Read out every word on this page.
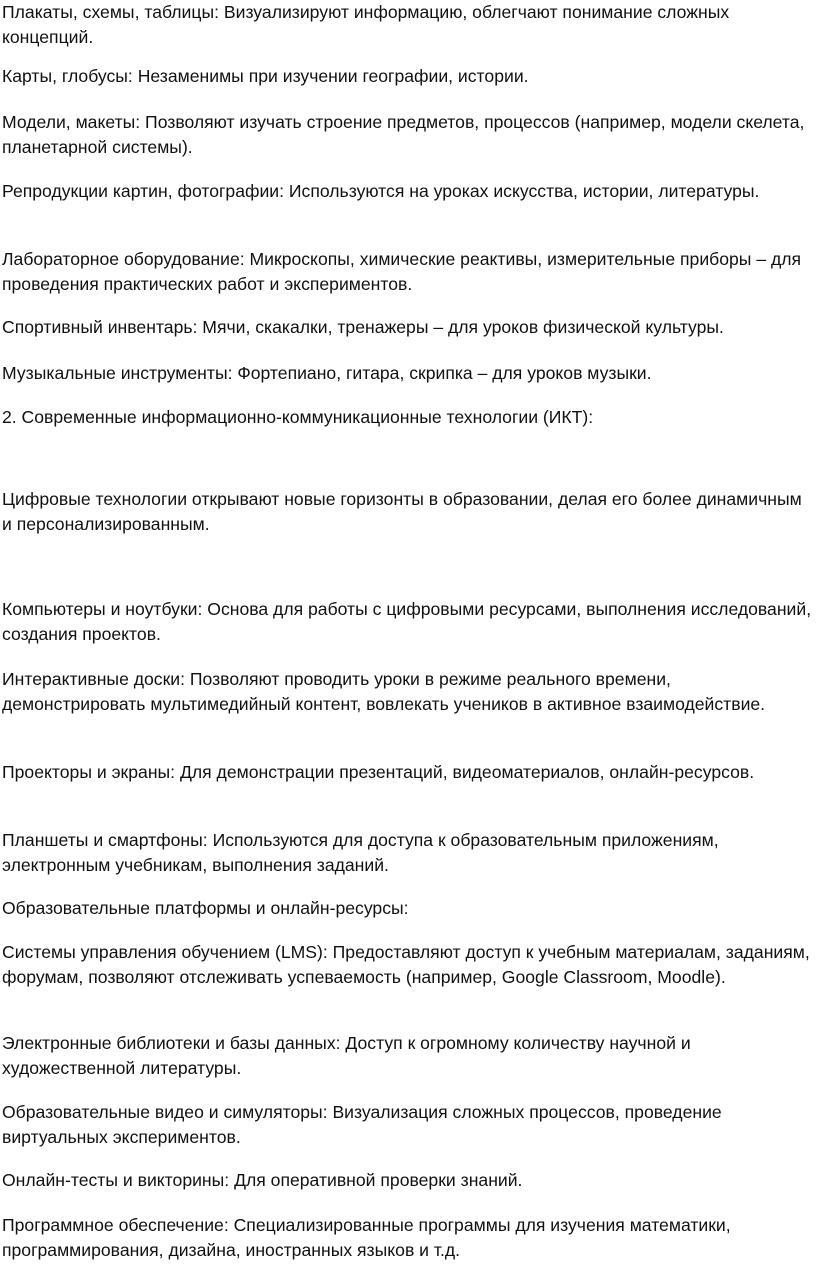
Плакаты, схемы, таблицы: Визуализируют информацию, облегчают понимание сложных концепций.

Карты, глобусы: Незаменимы при изучении географии, истории.

Модели, макеты: Позволяют изучать строение предметов, процессов (например, модели скелета, планетарной системы).

Репродукции картин, фотографии: Используются на уроках искусства, истории, литературы.

Лабораторное оборудование: Микроскопы, химические реактивы, измерительные приборы – для проведения практических работ и экспериментов.

Спортивный инвентарь: Мячи, скакалки, тренажеры – для уроков физической культуры.

Музыкальные инструменты: Фортепиано, гитара, скрипка – для уроков музыки.

2. Современные информационно-коммуникационные технологии (ИКТ):

Цифровые технологии открывают новые горизонты в образовании, делая его более динамичным и персонализированным.

Компьютеры и ноутбуки: Основа для работы с цифровыми ресурсами, выполнения исследований, создания проектов.

Интерактивные доски: Позволяют проводить уроки в режиме реального времени, демонстрировать мультимедийный контент, вовлекать учеников в активное взаимодействие.

Проекторы и экраны: Для демонстрации презентаций, видеоматериалов, онлайн-ресурсов.

Планшеты и смартфоны: Используются для доступа к образовательным приложениям, электронным учебникам, выполнения заданий.

Образовательные платформы и онлайн-ресурсы:

Системы управления обучением (LMS): Предоставляют доступ к учебным материалам, заданиям, форумам, позволяют отслеживать успеваемость (например, Google Classroom, Moodle).

Электронные библиотеки и базы данных: Доступ к огромному количеству научной и художественной литературы.

Образовательные видео и симуляторы: Визуализация сложных процессов, проведение виртуальных экспериментов.

Онлайн-тесты и викторины: Для оперативной проверки знаний.

Программное обеспечение: Специализированные программы для изучения математики, программирования, дизайна, иностранных языков и т.д.
